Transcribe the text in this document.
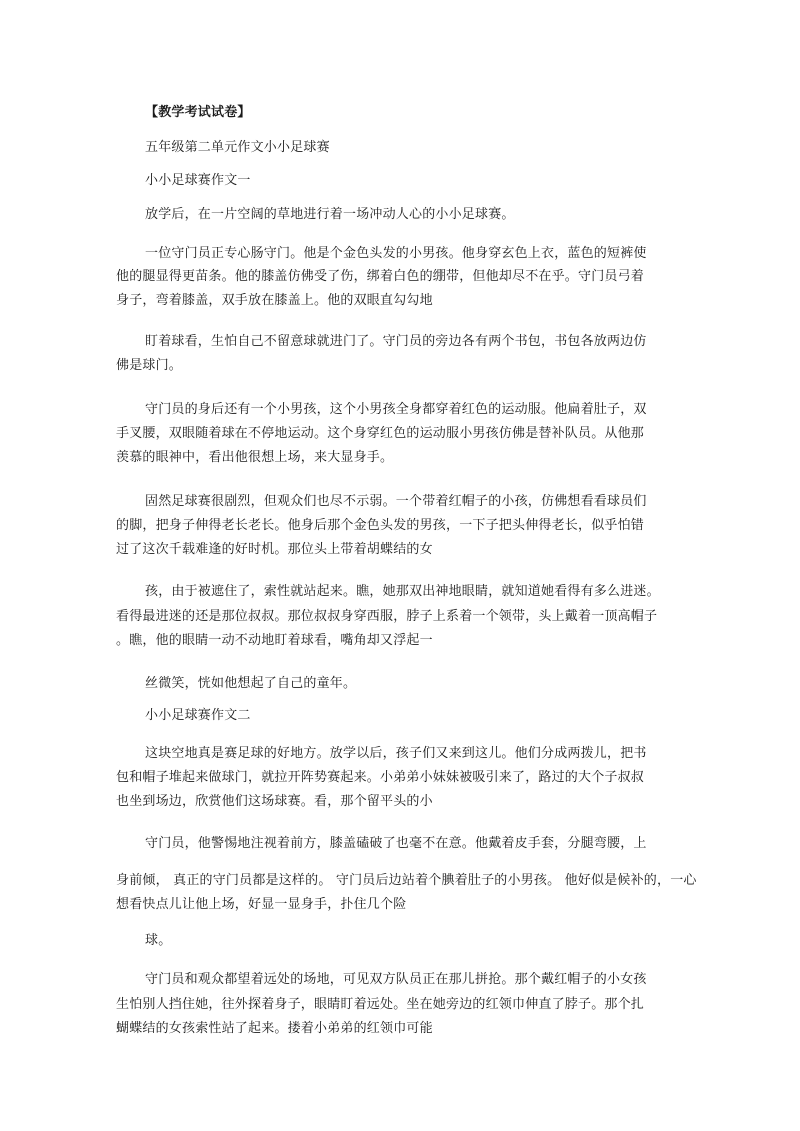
【教学考试试卷】
五年级第二单元作文小小足球赛
小小足球赛作文一
放学后，在一片空阔的草地进行着一场冲动人心的小小足球赛。
一位守门员正专心肠守门。他是个金色头发的小男孩。他身穿玄色上衣，蓝色的短裤使
他的腿显得更苗条。他的膝盖仿佛受了伤，绑着白色的绷带，但他却尽不在乎。守门员弓着
身子，弯着膝盖，双手放在膝盖上。他的双眼直勾勾地
盯着球看，生怕自己不留意球就进门了。守门员的旁边各有两个书包，书包各放两边仿
佛是球门。
守门员的身后还有一个小男孩，这个小男孩全身都穿着红色的运动服。他扁着肚子，双
手叉腰，双眼随着球在不停地运动。这个身穿红色的运动服小男孩仿佛是替补队员。从他那
羡慕的眼神中，看出他很想上场，来大显身手。
固然足球赛很剧烈，但观众们也尽不示弱。一个带着红帽子的小孩，仿佛想看看球员们
的脚，把身子伸得老长老长。他身后那个金色头发的男孩，一下子把头伸得老长，似乎怕错
过了这次千载难逢的好时机。那位头上带着胡蝶结的女
孩，由于被遮住了，索性就站起来。瞧，她那双出神地眼睛，就知道她看得有多么进迷。
看得最进迷的还是那位叔叔。那位叔叔身穿西服，脖子上系着一个领带，头上戴着一顶高帽子
。瞧，他的眼睛一动不动地盯着球看，嘴角却又浮起一
丝微笑，恍如他想起了自己的童年。
小小足球赛作文二
这块空地真是赛足球的好地方。放学以后，孩子们又来到这儿。他们分成两拨儿，把书
包和帽子堆起来做球门，就拉开阵势赛起来。小弟弟小妹妹被吸引来了，路过的大个子叔叔
也坐到场边，欣赏他们这场球赛。看，那个留平头的小
守门员，他警惕地注视着前方，膝盖磕破了也毫不在意。他戴着皮手套，分腿弯腰，上
身前倾， 真正的守门员都是这样的。 守门员后边站着个腆着肚子的小男孩。 他好似是候补的，一心
想看快点儿让他上场，好显一显身手，扑住几个险
球。
守门员和观众都望着远处的场地，可见双方队员正在那儿拼抢。那个戴红帽子的小女孩
生怕别人挡住她，往外探着身子，眼睛盯着远处。坐在她旁边的红领巾伸直了脖子。那个扎
蝴蝶结的女孩索性站了起来。搂着小弟弟的红领巾可能
